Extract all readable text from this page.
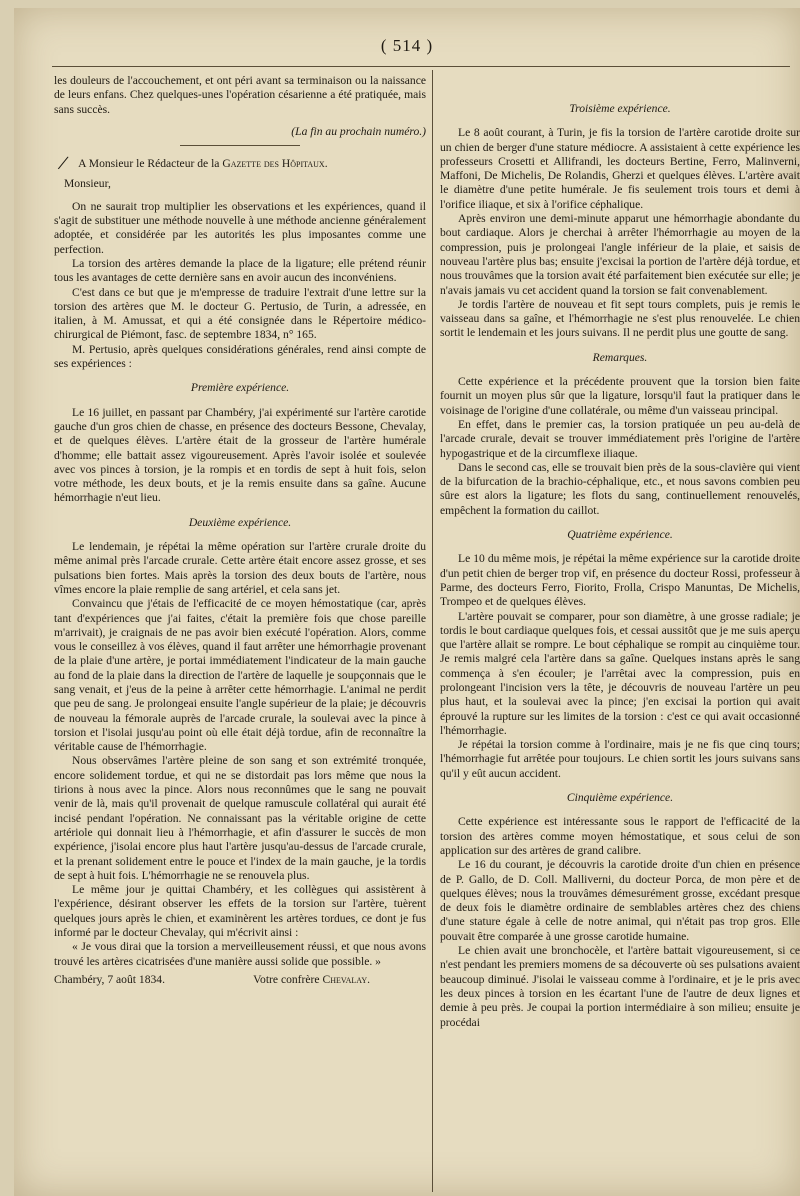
( 514 )

les douleurs de l'accouchement, et ont péri avant sa terminaison ou la naissance de leurs enfans. Chez quelques-unes l'opération césarienne a été pratiquée, mais sans succès.

(La fin au prochain numéro.)

/ A Monsieur le Rédacteur de la Gazette des Hôpitaux.

Monsieur,

On ne saurait trop multiplier les observations et les expériences, quand il s'agit de substituer une méthode nouvelle à une méthode ancienne généralement adoptée, et considérée par les autorités les plus imposantes comme une perfection.

La torsion des artères demande la place de la ligature; elle prétend réunir tous les avantages de cette dernière sans en avoir aucun des inconvéniens.

C'est dans ce but que je m'empresse de traduire l'extrait d'une lettre sur la torsion des artères que M. le docteur G. Pertusio, de Turin, a adressée, en italien, à M. Amussat, et qui a été consignée dans le Répertoire médico-chirurgical de Piémont, fasc. de septembre 1834, n° 165.

M. Pertusio, après quelques considérations générales, rend ainsi compte de ses expériences :

Première expérience.

Le 16 juillet, en passant par Chambéry, j'ai expérimenté sur l'artère carotide gauche d'un gros chien de chasse, en présence des docteurs Bessone, Chevalay, et de quelques élèves. L'artère était de la grosseur de l'artère humérale d'homme; elle battait assez vigoureusement. Après l'avoir isolée et soulevée avec vos pinces à torsion, je la rompis et en tordis de sept à huit fois, selon votre méthode, les deux bouts, et je la remis ensuite dans sa gaîne. Aucune hémorrhagie n'eut lieu.

Deuxième expérience.

Le lendemain, je répétai la même opération sur l'artère crurale droite du même animal près l'arcade crurale. Cette artère était encore assez grosse, et ses pulsations bien fortes. Mais après la torsion des deux bouts de l'artère, nous vîmes encore la plaie remplie de sang artériel, et cela sans jet.

Convaincu que j'étais de l'efficacité de ce moyen hémostatique (car, après tant d'expériences que j'ai faites, c'était la première fois que chose pareille m'arrivait), je craignais de ne pas avoir bien exécuté l'opération. Alors, comme vous le conseillez à vos élèves, quand il faut arrêter une hémorrhagie provenant de la plaie d'une artère, je portai immédiatement l'indicateur de la main gauche au fond de la plaie dans la direction de l'artère de laquelle je soupçonnais que le sang venait, et j'eus de la peine à arrêter cette hémorrhagie. L'animal ne perdit que peu de sang. Je prolongeai ensuite l'angle supérieur de la plaie; je découvris de nouveau la fémorale auprès de l'arcade crurale, la soulevai avec la pince à torsion et l'isolai jusqu'au point où elle était déjà tordue, afin de reconnaître la véritable cause de l'hémorrhagie.

Nous observâmes l'artère pleine de son sang et son extrémité tronquée, encore solidement tordue, et qui ne se distordait pas lors même que nous la tirions à nous avec la pince. Alors nous reconnûmes que le sang ne pouvait venir de là, mais qu'il provenait de quelque ramuscule collatéral qui aurait été incisé pendant l'opération. Ne connaissant pas la véritable origine de cette artériole qui donnait lieu à l'hémorrhagie, et afin d'assurer le succès de mon expérience, j'isolai encore plus haut l'artère jusqu'au-dessus de l'arcade crurale, et la prenant solidement entre le pouce et l'index de la main gauche, je la tordis de sept à huit fois. L'hémorrhagie ne se renouvela plus.

Le même jour je quittai Chambéry, et les collègues qui assistèrent à l'expérience, désirant observer les effets de la torsion sur l'artère, tuèrent quelques jours après le chien, et examinèrent les artères tordues, ce dont je fus informé par le docteur Chevalay, qui m'écrivit ainsi :

« Je vous dirai que la torsion a merveilleusement réussi, et que nous avons trouvé les artères cicatrisées d'une manière aussi solide que possible. »

Chambéry, 7 août 1834.	Votre confrère Chevalay.

Troisième expérience.

Le 8 août courant, à Turin, je fis la torsion de l'artère carotide droite sur un chien de berger d'une stature médiocre. A assistaient à cette expérience les professeurs Crosetti et Allifrandi, les docteurs Bertine, Ferro, Malinverni, Maffoni, De Michelis, De Rolandis, Gherzi et quelques élèves. L'artère avait le diamètre d'une petite humérale. Je fis seulement trois tours et demi à l'orifice iliaque, et six à l'orifice céphalique.

Après environ une demi-minute apparut une hémorrhagie abondante du bout cardiaque. Alors je cherchai à arrêter l'hémorrhagie au moyen de la compression, puis je prolongeai l'angle inférieur de la plaie, et saisis de nouveau l'artère plus bas; ensuite j'excisai la portion de l'artère déjà tordue, et nous trouvâmes que la torsion avait été parfaitement bien exécutée sur elle; je n'avais jamais vu cet accident quand la torsion se fait convenablement.

Je tordis l'artère de nouveau et fit sept tours complets, puis je remis le vaisseau dans sa gaîne, et l'hémorrhagie ne s'est plus renouvelée. Le chien sortit le lendemain et les jours suivans. Il ne perdit plus une goutte de sang.

Remarques.

Cette expérience et la précédente prouvent que la torsion bien faite fournit un moyen plus sûr que la ligature, lorsqu'il faut la pratiquer dans le voisinage de l'origine d'une collatérale, ou même d'un vaisseau principal.

En effet, dans le premier cas, la torsion pratiquée un peu au-delà de l'arcade crurale, devait se trouver immédiatement près l'origine de l'artère hypogastrique et de la circumflexe iliaque.

Dans le second cas, elle se trouvait bien près de la sous-clavière qui vient de la bifurcation de la brachio-céphalique, etc., et nous savons combien peu sûre est alors la ligature; les flots du sang, continuellement renouvelés, empêchent la formation du caillot.

Quatrième expérience.

Le 10 du même mois, je répétai la même expérience sur la carotide droite d'un petit chien de berger trop vif, en présence du docteur Rossi, professeur à Parme, des docteurs Ferro, Fiorito, Frolla, Crispo Manuntas, De Michelis, Trompeo et de quelques élèves.

L'artère pouvait se comparer, pour son diamètre, à une grosse radiale; je tordis le bout cardiaque quelques fois, et cessai aussitôt que je me suis aperçu que l'artère allait se rompre. Le bout céphalique se rompit au cinquième tour. Je remis malgré cela l'artère dans sa gaîne. Quelques instans après le sang commença à s'en écouler; je l'arrêtai avec la compression, puis en prolongeant l'incision vers la tête, je découvris de nouveau l'artère un peu plus haut, et la soulevai avec la pince; j'en excisai la portion qui avait éprouvé la rupture sur les limites de la torsion : c'est ce qui avait occasionné l'hémorrhagie.

Je répétai la torsion comme à l'ordinaire, mais je ne fis que cinq tours; l'hémorrhagie fut arrêtée pour toujours. Le chien sortit les jours suivans sans qu'il y eût aucun accident.

Cinquième expérience.

Cette expérience est intéressante sous le rapport de l'efficacité de la torsion des artères comme moyen hémostatique, et sous celui de son application sur des artères de grand calibre.

Le 16 du courant, je découvris la carotide droite d'un chien en présence de P. Gallo, de D. Coll. Malliverni, du docteur Porca, de mon père et de quelques élèves; nous la trouvâmes démesurément grosse, excédant presque de deux fois le diamètre ordinaire de semblables artères chez des chiens d'une stature égale à celle de notre animal, qui n'était pas trop gros. Elle pouvait être comparée à une grosse carotide humaine.

Le chien avait une bronchocèle, et l'artère battait vigoureusement, si ce n'est pendant les premiers momens de sa découverte où ses pulsations avaient beaucoup diminué. J'isolai le vaisseau comme à l'ordinaire, et je le pris avec les deux pinces à torsion en les écartant l'une de l'autre de deux lignes et demie à peu près. Je coupai la portion intermédiaire à son milieu; ensuite je procédai
